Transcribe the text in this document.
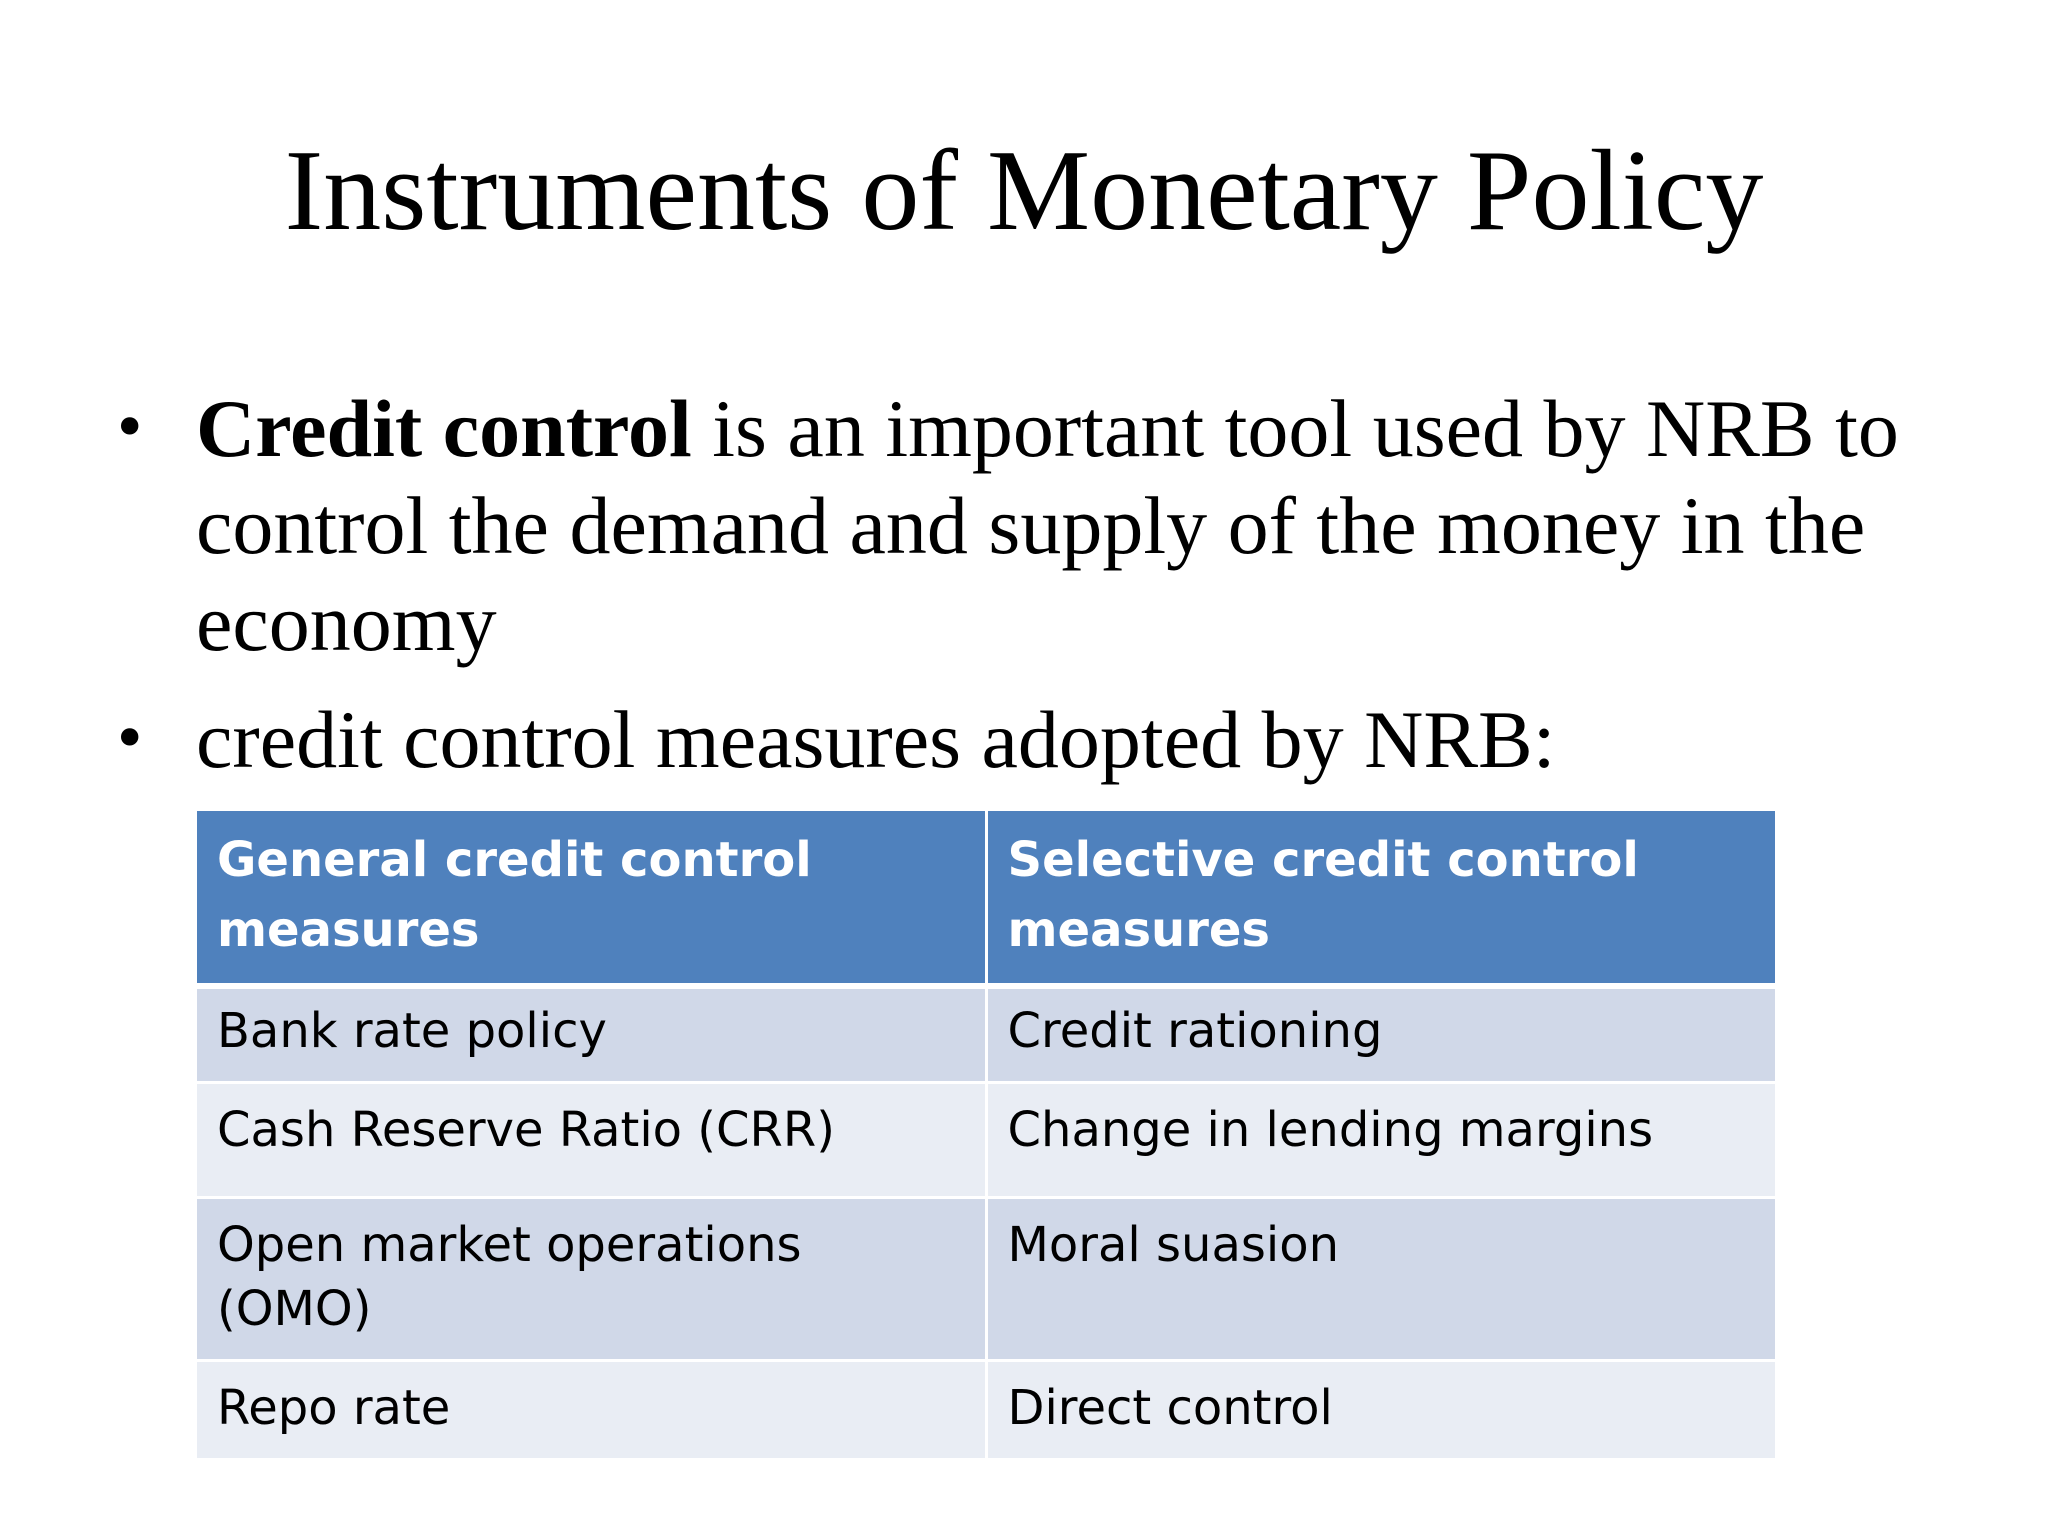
Instruments of Monetary Policy
• Credit control is an important tool used by NRB to control the demand and supply of the money in the economy
• credit control measures adopted by NRB:
General credit control measures	Selective credit control measures
Bank rate policy	Credit rationing
Cash Reserve Ratio (CRR)	Change in lending margins
Open market operations (OMO)	Moral suasion
Repo rate	Direct control
